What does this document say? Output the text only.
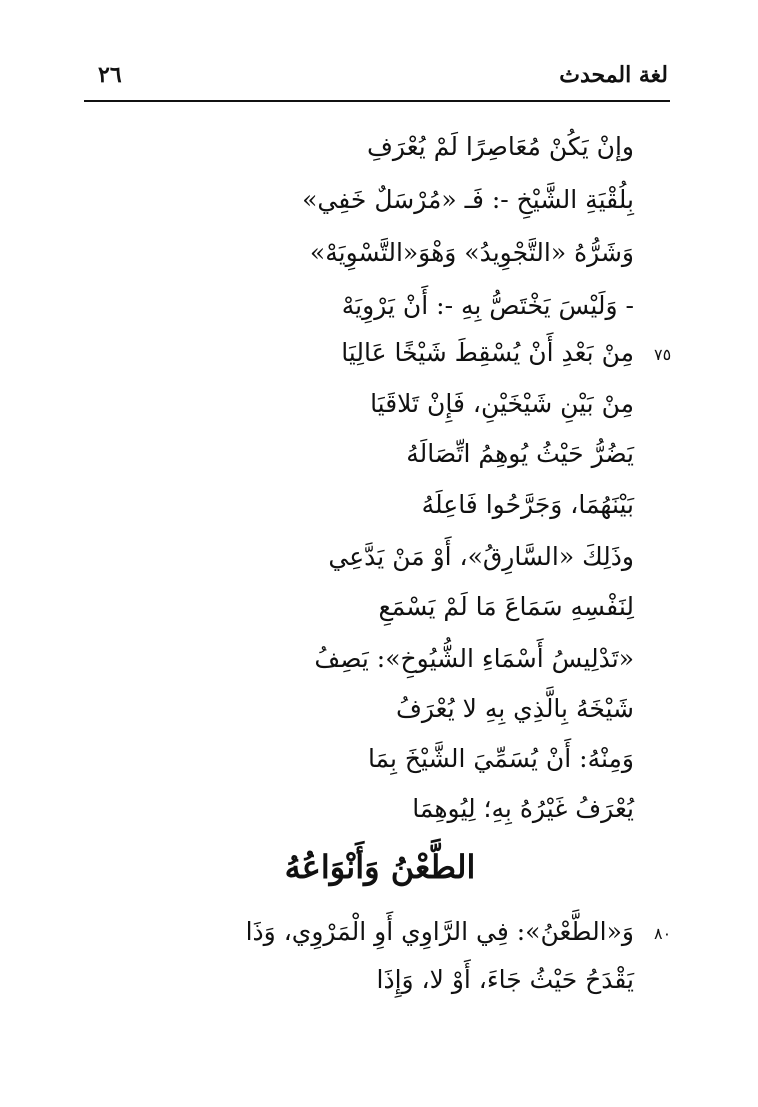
٢٦	لغة المحدث
وإنْ يَكُنْ مُعَاصِرًا لَمْ يُعْرَفِ
بِلُقْيَةِ الشَّيْخِ -: فَـ «مُرْسَلٌ خَفِي»
وَشَرُّهُ «التَّجْوِيدُ» وَهْوَ«التَّسْوِيَهْ»
- وَلَيْسَ يَخْتَصُّ بِهِ -: أَنْ يَرْوِيَهْ
مِنْ بَعْدِ أَنْ يُسْقِطَ شَيْخًا عَالِيَا ٧٥
مِنْ بَيْنِ شَيْخَيْنِ، فَإِنْ تَلاقَيَا
يَضُرُّ حَيْثُ يُوهِمُ اتِّصَالَهُ
بَيْنَهُمَا، وَجَرَّحُوا فَاعِلَهُ
وذَلِكَ «السَّارِقُ»، أَوْ مَنْ يَدَّعِي
لِنَفْسِهِ سَمَاعَ مَا لَمْ يَسْمَعِ
«تَدْلِيسُ أَسْمَاءِ الشُّيُوخِ»: يَصِفُ
شَيْخَهُ بِالَّذِي بِهِ لا يُعْرَفُ
وَمِنْهُ: أَنْ يُسَمِّيَ الشَّيْخَ بِمَا
يُعْرَفُ غَيْرُهُ بِهِ؛ لِيُوهِمَا
الطَّعْنُ وَأَنْوَاعُهُ
وَ«الطَّعْنُ»: فِي الرَّاوِي أَوِ الْمَرْوِي، وَذَا ٨٠
يَقْدَحُ حَيْثُ جَاءَ، أَوْ لا، وَإِذَا
